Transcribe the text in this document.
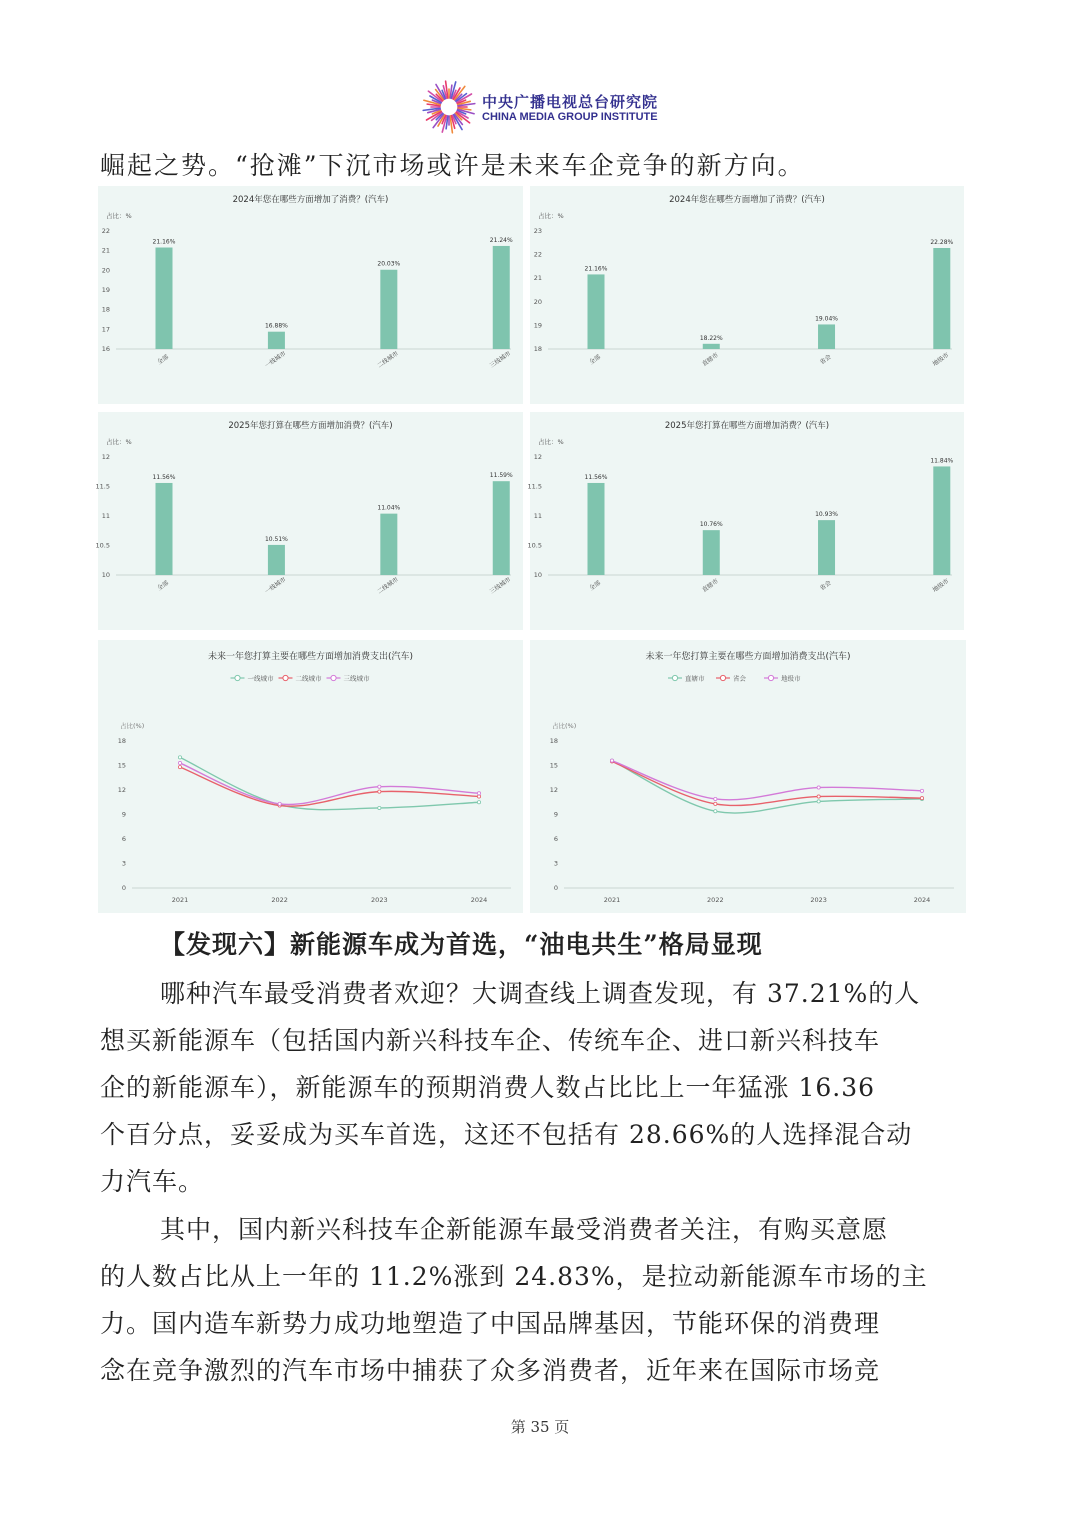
中央广播电视总台研究院
CHINA MEDIA GROUP INSTITUTE
崛起之势。“抢滩”下沉市场或许是未来车企竞争的新方向。
2024年您在哪些方面增加了消费？(汽车)
占比：%
16
17
18
19
20
21
22
21.16%
全部
16.88%
一线城市
20.03%
二线城市
21.24%
三线城市
2024年您在哪些方面增加了消费？(汽车)
占比：%
18
19
20
21
22
23
21.16%
全部
18.22%
直辖市
19.04%
省会
22.28%
地级市
2025年您打算在哪些方面增加消费？(汽车)
占比：%
10
10.5
11
11.5
12
11.56%
全部
10.51%
一线城市
11.04%
二线城市
11.59%
三线城市
2025年您打算在哪些方面增加消费？(汽车)
占比：%
10
10.5
11
11.5
12
11.56%
全部
10.76%
直辖市
10.93%
省会
11.84%
地级市
未来一年您打算主要在哪些方面增加消费支出(汽车)
一线城市	二线城市	三线城市
占比(%)
0
3
6
9
12
15
18
2021	2022	2023	2024
未来一年您打算主要在哪些方面增加消费支出(汽车)
直辖市	省会	地级市
占比(%)
0
3
6
9
12
15
18
2021	2022	2023	2024
【发现六】新能源车成为首选，“油电共生”格局显现
哪种汽车最受消费者欢迎？大调查线上调查发现，有 37.21%的人
想买新能源车（包括国内新兴科技车企、传统车企、进口新兴科技车
企的新能源车），新能源车的预期消费人数占比比上一年猛涨 16.36
个百分点，妥妥成为买车首选，这还不包括有 28.66%的人选择混合动
力汽车。
其中，国内新兴科技车企新能源车最受消费者关注，有购买意愿
的人数占比从上一年的 11.2%涨到 24.83%，是拉动新能源车市场的主
力。国内造车新势力成功地塑造了中国品牌基因，节能环保的消费理
念在竞争激烈的汽车市场中捕获了众多消费者，近年来在国际市场竞
第 35 页
